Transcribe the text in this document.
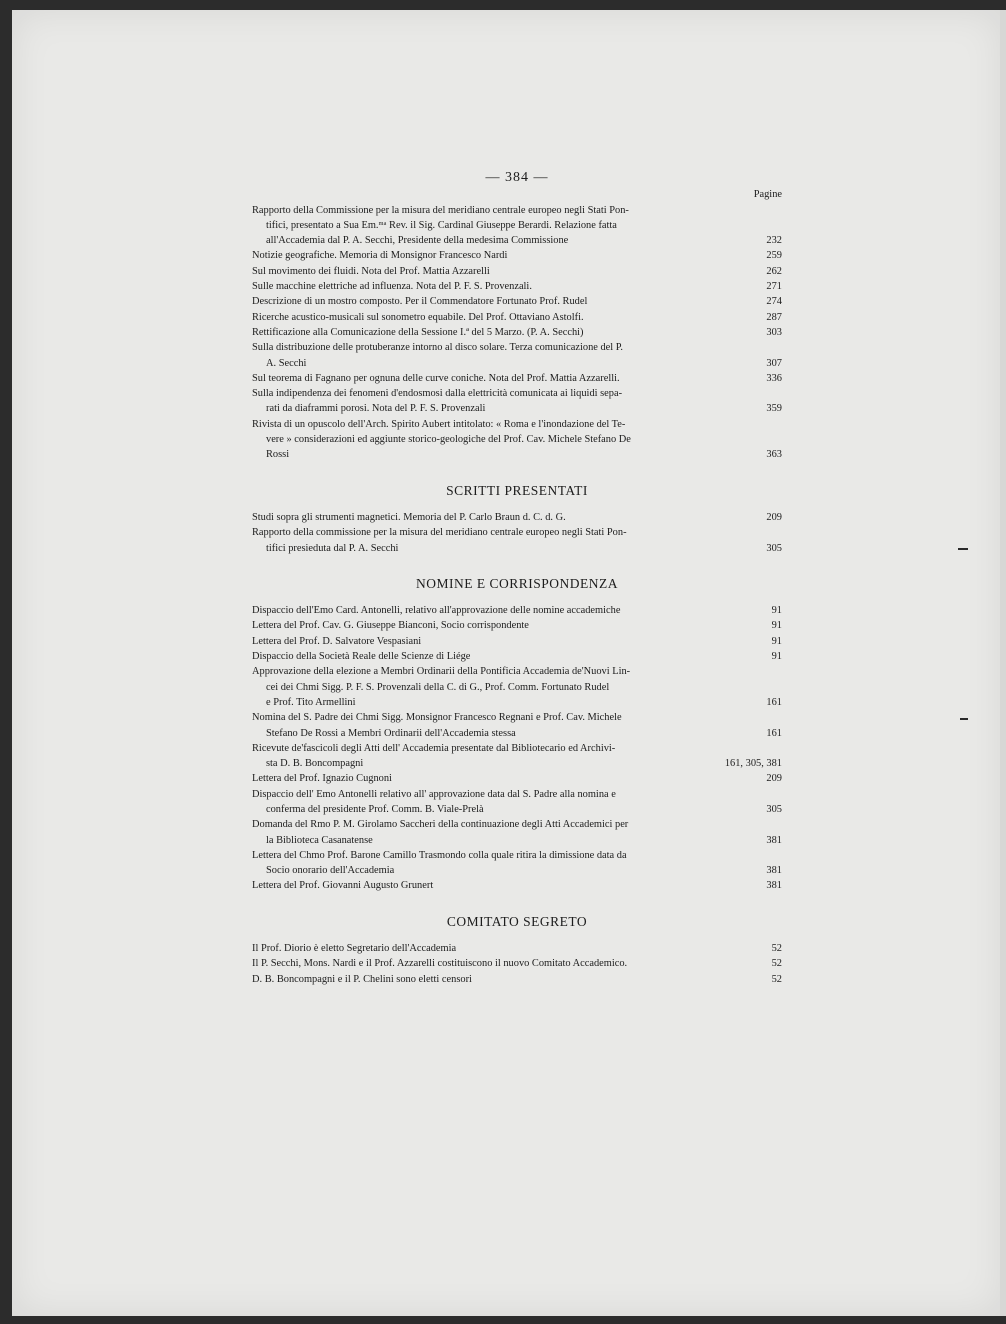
— 384 —
Pagine
Rapporto della Commissione per la misura del meridiano centrale europeo negli Stati Pon-
tifici, presentato a Sua Em.ᵐᵃ Rev. il Sig. Cardinal Giuseppe Berardi. Relazione fatta
all'Accademia dal P. A. Secchi, Presidente della medesima Commissione	232
Notizie geografiche. Memoria di Monsignor Francesco Nardi	259
Sul movimento dei fluidi. Nota del Prof. Mattia Azzarelli	262
Sulle macchine elettriche ad influenza. Nota del P. F. S. Provenzali.	271
Descrizione di un mostro composto. Per il Commendatore Fortunato Prof. Rudel	274
Ricerche acustico-musicali sul sonometro equabile. Del Prof. Ottaviano Astolfi.	287
Rettificazione alla Comunicazione della Sessione I.ª del 5 Marzo. (P. A. Secchi)	303
Sulla distribuzione delle protuberanze intorno al disco solare. Terza comunicazione del P.
A. Secchi	307
Sul teorema di Fagnano per ognuna delle curve coniche. Nota del Prof. Mattia Azzarelli.	336
Sulla indipendenza dei fenomeni d'endosmosi dalla elettricità comunicata ai liquidi sepa-
rati da diaframmi porosi. Nota del P. F. S. Provenzali	359
Rivista di un opuscolo dell'Arch. Spirito Aubert intitolato: « Roma e l'inondazione del Te-
vere » considerazioni ed aggiunte storico-geologiche del Prof. Cav. Michele Stefano De
Rossi	363
SCRITTI PRESENTATI
Studi sopra gli strumenti magnetici. Memoria del P. Carlo Braun d. C. d. G.	209
Rapporto della commissione per la misura del meridiano centrale europeo negli Stati Pon-
tifici presieduta dal P. A. Secchi	305
NOMINE E CORRISPONDENZA
Dispaccio dell'Emo Card. Antonelli, relativo all'approvazione delle nomine accademiche	91
Lettera del Prof. Cav. G. Giuseppe Bianconi, Socio corrispondente	91
Lettera del Prof. D. Salvatore Vespasiani	91
Dispaccio della Società Reale delle Scienze di Liége	91
Approvazione della elezione a Membri Ordinarii della Pontificia Accademia de'Nuovi Lin-
cei dei Chmi Sigg. P. F. S. Provenzali della C. di G., Prof. Comm. Fortunato Rudel
e Prof. Tito Armellini	161
Nomina del S. Padre dei Chmi Sigg. Monsignor Francesco Regnani e Prof. Cav. Michele
Stefano De Rossi a Membri Ordinarii dell'Accademia stessa	161
Ricevute de'fascicoli degli Atti dell' Accademia presentate dal Bibliotecario ed Archivi-
sta D. B. Boncompagni	161, 305, 381
Lettera del Prof. Ignazio Cugnoni	209
Dispaccio dell' Emo Antonelli relativo all' approvazione data dal S. Padre alla nomina e
conferma del presidente Prof. Comm. B. Viale-Prelà	305
Domanda del Rmo P. M. Girolamo Saccheri della continuazione degli Atti Accademici per
la Biblioteca Casanatense	381
Lettera del Chmo Prof. Barone Camillo Trasmondo colla quale ritira la dimissione data da
Socio onorario dell'Accademia	381
Lettera del Prof. Giovanni Augusto Grunert	381
COMITATO SEGRETO
Il Prof. Diorio è eletto Segretario dell'Accademia	52
Il P. Secchi, Mons. Nardi e il Prof. Azzarelli costituiscono il nuovo Comitato Accademico.	52
D. B. Boncompagni e il P. Chelini sono eletti censori	52
